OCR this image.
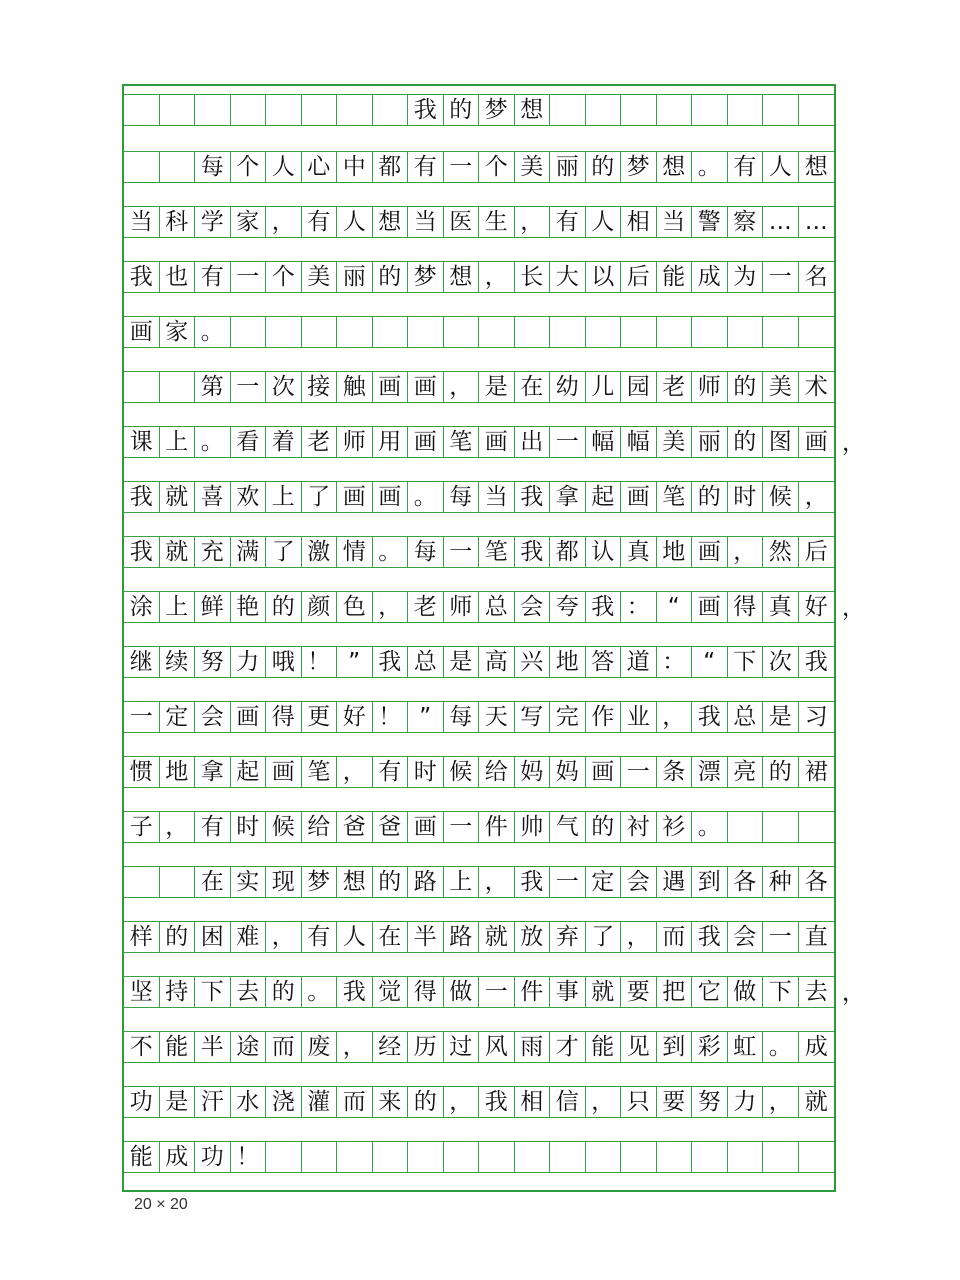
我 的 梦 想
每 个 人 心 中 都 有 一 个 美 丽 的 梦 想 。 有 人 想
当 科 学 家 ， 有 人 想 当 医 生 ， 有 人 相 当 警 察 … …
我 也 有 一 个 美 丽 的 梦 想 ， 长 大 以 后 能 成 为 一 名
画 家 。
第 一 次 接 触 画 画 ， 是 在 幼 儿 园 老 师 的 美 术
课 上 。 看 着 老 师 用 画 笔 画 出 一 幅 幅 美 丽 的 图 画
我 就 喜 欢 上 了 画 画 。 每 当 我 拿 起 画 笔 的 时 候 ，
我 就 充 满 了 激 情 。 每 一 笔 我 都 认 真 地 画 ， 然 后
涂 上 鲜 艳 的 颜 色 ， 老 师 总 会 夸 我 ： “ 画 得 真 好
继 续 努 力 哦 ！ ” 我 总 是 高 兴 地 答 道 ： “ 下 次 我
一 定 会 画 得 更 好 ！ ” 每 天 写 完 作 业 ， 我 总 是 习
惯 地 拿 起 画 笔 ， 有 时 候 给 妈 妈 画 一 条 漂 亮 的 裙
子 ， 有 时 候 给 爸 爸 画 一 件 帅 气 的 衬 衫 。
在 实 现 梦 想 的 路 上 ， 我 一 定 会 遇 到 各 种 各
样 的 困 难 ， 有 人 在 半 路 就 放 弃 了 ， 而 我 会 一 直
坚 持 下 去 的 。 我 觉 得 做 一 件 事 就 要 把 它 做 下 去
不 能 半 途 而 废 ， 经 历 过 风 雨 才 能 见 到 彩 虹 。 成
功 是 汗 水 浇 灌 而 来 的 ， 我 相 信 ， 只 要 努 力 ， 就
能 成 功 ！
20 × 20
，
，
，
